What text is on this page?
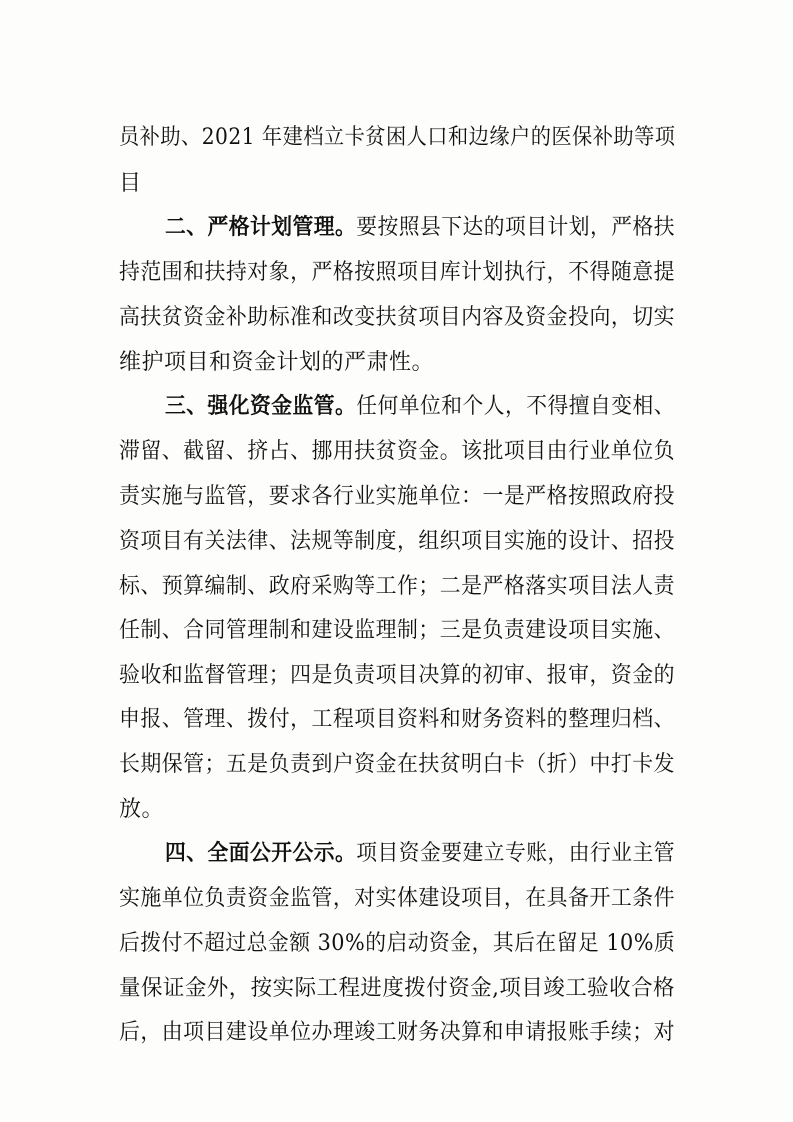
员补助、2021 年建档立卡贫困人口和边缘户的医保补助等项
目
二、严格计划管理。要按照县下达的项目计划，严格扶
持范围和扶持对象，严格按照项目库计划执行，不得随意提
高扶贫资金补助标准和改变扶贫项目内容及资金投向，切实
维护项目和资金计划的严肃性。
三、强化资金监管。任何单位和个人，不得擅自变相、
滞留、截留、挤占、挪用扶贫资金。该批项目由行业单位负
责实施与监管，要求各行业实施单位：一是严格按照政府投
资项目有关法律、法规等制度，组织项目实施的设计、招投
标、预算编制、政府采购等工作；二是严格落实项目法人责
任制、合同管理制和建设监理制；三是负责建设项目实施、
验收和监督管理；四是负责项目决算的初审、报审，资金的
申报、管理、拨付，工程项目资料和财务资料的整理归档、
长期保管；五是负责到户资金在扶贫明白卡（折）中打卡发
放。
四、全面公开公示。项目资金要建立专账，由行业主管
实施单位负责资金监管，对实体建设项目，在具备开工条件
后拨付不超过总金额 30%的启动资金，其后在留足 10%质
量保证金外，按实际工程进度拨付资金,项目竣工验收合格
后，由项目建设单位办理竣工财务决算和申请报账手续；对
